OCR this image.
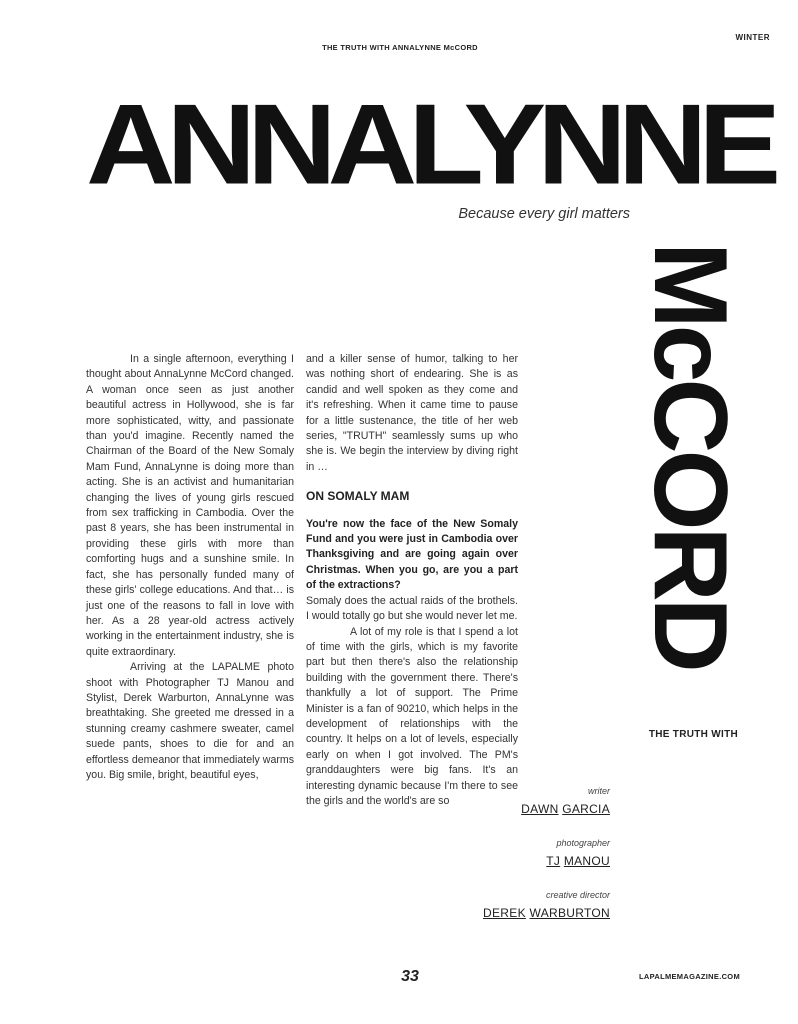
WINTER
THE TRUTH WITH ANNALYNNE McCORD
ANNALYNNE
Because every girl matters
McCORD
THE TRUTH WITH

In a single afternoon, everything I thought about AnnaLynne McCord changed. A woman once seen as just another beautiful actress in Hollywood, she is far more sophisticated, witty, and passionate than you'd imagine. Recently named the Chairman of the Board of the New Somaly Mam Fund, AnnaLynne is doing more than acting. She is an activist and humanitarian changing the lives of young girls rescued from sex trafficking in Cambodia. Over the past 8 years, she has been instrumental in providing these girls with more than comforting hugs and a sunshine smile. In fact, she has personally funded many of these girls' college educations. And that… is just one of the reasons to fall in love with her. As a 28 year-old actress actively working in the entertainment industry, she is quite extraordinary.

Arriving at the LAPALME photo shoot with Photographer TJ Manou and Stylist, Derek Warburton, AnnaLynne was breathtaking. She greeted me dressed in a stunning creamy cashmere sweater, camel suede pants, shoes to die for and an effortless demeanor that immediately warms you. Big smile, bright, beautiful eyes,

and a killer sense of humor, talking to her was nothing short of endearing. She is as candid and well spoken as they come and it's refreshing. When it came time to pause for a little sustenance, the title of her web series, "TRUTH" seamlessly sums up who she is. We begin the interview by diving right in …

ON SOMALY MAM

You're now the face of the New Somaly Fund and you were just in Cambodia over Thanksgiving and are going again over Christmas. When you go, are you a part of the extractions?

Somaly does the actual raids of the brothels. I would totally go but she would never let me.

A lot of my role is that I spend a lot of time with the girls, which is my favorite part but then there's also the relationship building with the government there. There's thankfully a lot of support. The Prime Minister is a fan of 90210, which helps in the development of relationships with the country. It helps on a lot of levels, especially early on when I got involved. The PM's granddaughters were big fans. It's an interesting dynamic because I'm there to see the girls and the world's are so

writer
DAWN GARCIA
photographer
TJ MANOU
creative director
DEREK WARBURTON
33	LAPALMEMAGAZINE.COM
